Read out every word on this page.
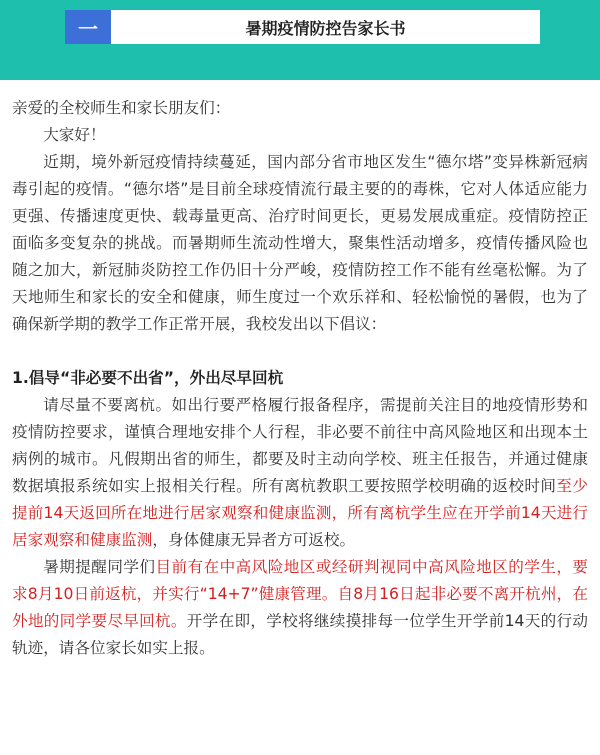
一	暑期疫情防控告家长书

亲爱的全校师生和家长朋友们：

大家好！

近期，境外新冠疫情持续蔓延，国内部分省市地区发生“德尔塔”变异株新冠病毒引起的疫情。“德尔塔”是目前全球疫情流行最主要的的毒株，它对人体适应能力更强、传播速度更快、载毒量更高、治疗时间更长，更易发展成重症。疫情防控正面临多变复杂的挑战。而暑期师生流动性增大，聚集性活动增多，疫情传播风险也随之加大，新冠肺炎防控工作仍旧十分严峻，疫情防控工作不能有丝毫松懈。为了天地师生和家长的安全和健康，师生度过一个欢乐祥和、轻松愉悦的暑假，也为了确保新学期的教学工作正常开展，我校发出以下倡议：

1.倡导“非必要不出省”，外出尽早回杭

请尽量不要离杭。如出行要严格履行报备程序，需提前关注目的地疫情形势和疫情防控要求，谨慎合理地安排个人行程，非必要不前往中高风险地区和出现本土病例的城市。凡假期出省的师生，都要及时主动向学校、班主任报告，并通过健康数据填报系统如实上报相关行程。所有离杭教职工要按照学校明确的返校时间至少提前14天返回所在地进行居家观察和健康监测，所有离杭学生应在开学前14天进行居家观察和健康监测，身体健康无异者方可返校。

暑期提醒同学们目前有在中高风险地区或经研判视同中高风险地区的学生，要求8月10日前返杭，并实行“14+7”健康管理。自8月16日起非必要不离开杭州，在外地的同学要尽早回杭。开学在即，学校将继续摸排每一位学生开学前14天的行动轨迹，请各位家长如实上报。
